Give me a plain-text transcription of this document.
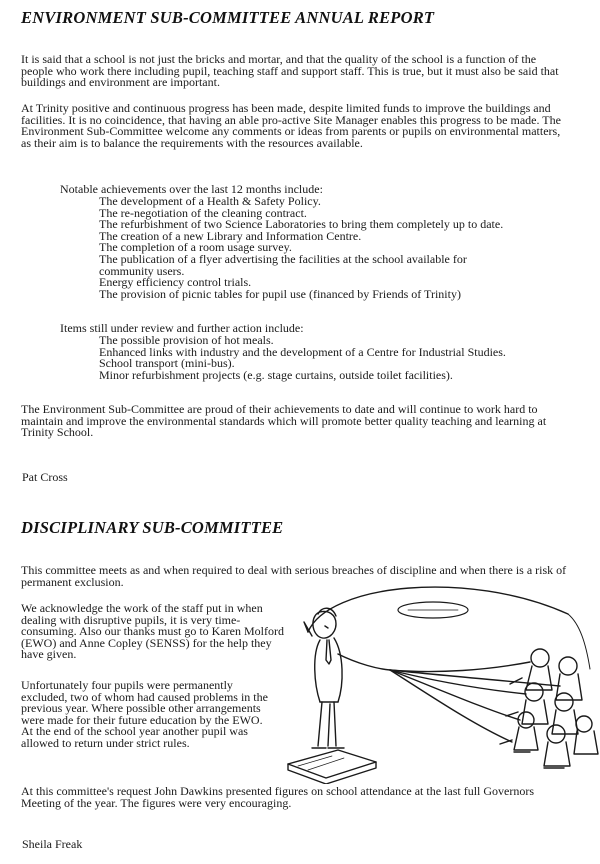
ENVIRONMENT SUB-COMMITTEE ANNUAL REPORT

It is said that a school is not just the bricks and mortar, and that the quality of the school is a function of the people who work there including pupil, teaching staff and support staff. This is true, but it must also be said that buildings and environment are important.

At Trinity positive and continuous progress has been made, despite limited funds to improve the buildings and facilities. It is no coincidence, that having an able pro-active Site Manager enables this progress to be made. The Environment Sub-Committee welcome any comments or ideas from parents or pupils on environmental matters, as their aim is to balance the requirements with the resources available.

Notable achievements over the last 12 months include:

The development of a Health & Safety Policy.
The re-negotiation of the cleaning contract.
The refurbishment of two Science Laboratories to bring them completely up to date.
The creation of a new Library and Information Centre.
The completion of a room usage survey.
The publication of a flyer advertising the facilities at the school available for community users.
Energy efficiency control trials.
The provision of picnic tables for pupil use (financed by Friends of Trinity)

Items still under review and further action include:

The possible provision of hot meals.
Enhanced links with industry and the development of a Centre for Industrial Studies.
School transport (mini-bus).
Minor refurbishment projects (e.g. stage curtains, outside toilet facilities).

The Environment Sub-Committee are proud of their achievements to date and will continue to work hard to maintain and improve the environmental standards which will promote better quality teaching and learning at Trinity School.

Pat Cross

DISCIPLINARY SUB-COMMITTEE

This committee meets as and when required to deal with serious breaches of discipline and when there is a risk of permanent exclusion.

We acknowledge the work of the staff put in when dealing with disruptive pupils, it is very time-consuming. Also our thanks must go to Karen Molford (EWO) and Anne Copley (SENSS) for the help they have given.

Unfortunately four pupils were permanently excluded, two of whom had caused problems in the previous year. Where possible other arrangements were made for their future education by the EWO. At the end of the school year another pupil was allowed to return under strict rules.

At this committee's request John Dawkins presented figures on school attendance at the last full Governors Meeting of the year. The figures were very encouraging.

Sheila Freak
